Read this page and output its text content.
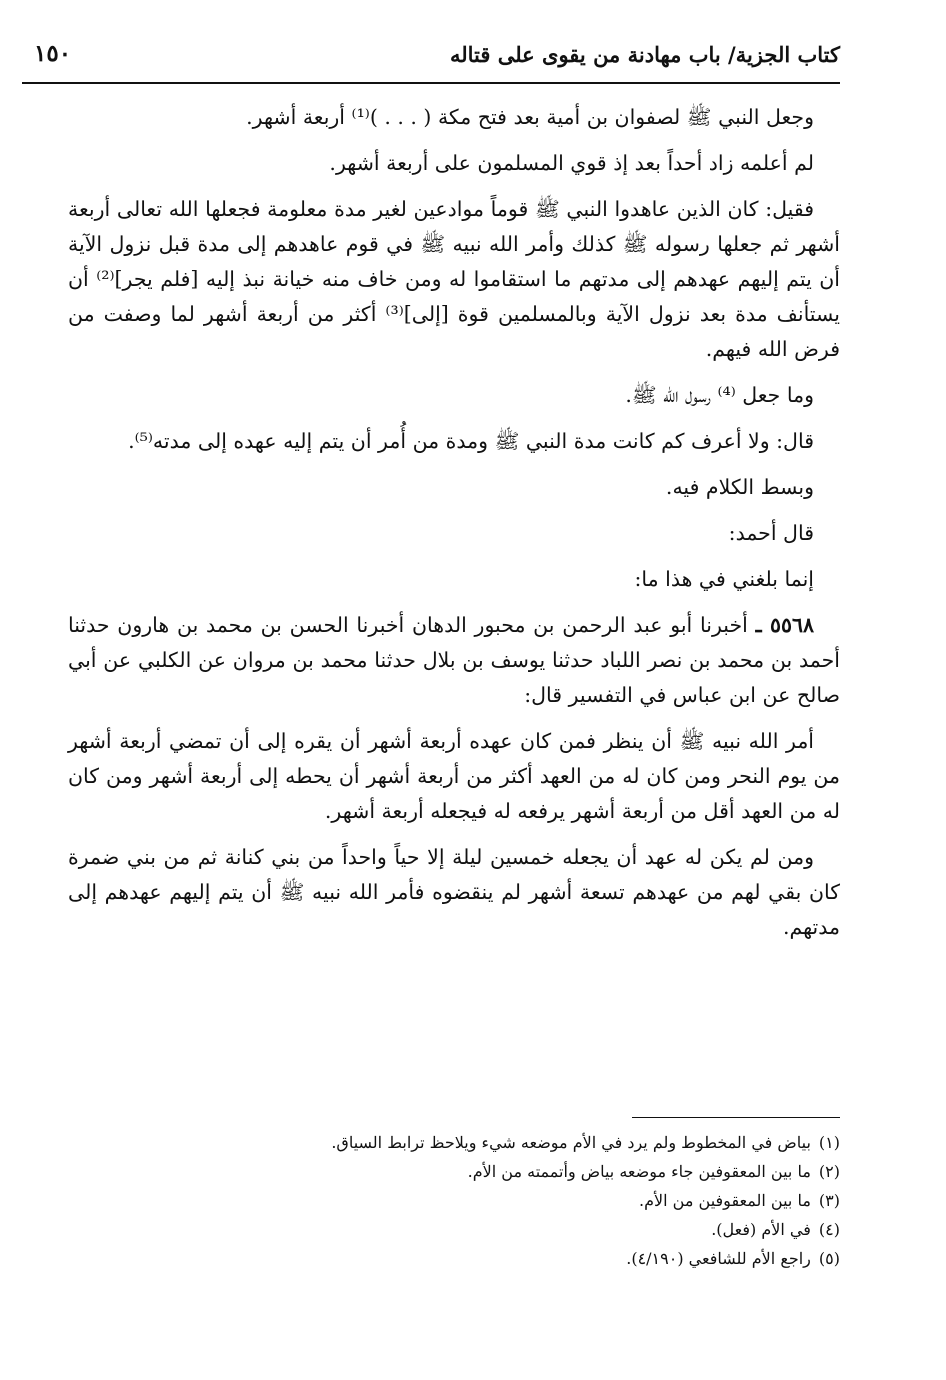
كتاب الجزية/ باب مهادنة من يقوى على قتاله
١٥٠

وجعل النبي ﷺ لصفوان بن أمية بعد فتح مكة ( . . . )⁽¹⁾ أربعة أشهر.

لم أعلمه زاد أحداً بعد إذ قوي المسلمون على أربعة أشهر.

فقيل: كان الذين عاهدوا النبي ﷺ قوماً موادعين لغير مدة معلومة فجعلها الله تعالى أربعة أشهر ثم جعلها رسوله ﷺ كذلك وأمر الله نبيه ﷺ في قوم عاهدهم إلى مدة قبل نزول الآية أن يتم إليهم عهدهم إلى مدتهم ما استقاموا له ومن خاف منه خيانة نبذ إليه [فلم يجر]⁽²⁾ أن يستأنف مدة بعد نزول الآية وبالمسلمين قوة [إلى]⁽³⁾ أكثر من أربعة أشهر لما وصفت من فرض الله فيهم.

وما جعل ⁽⁴⁾ رسول الله ﷺ.

قال: ولا أعرف كم كانت مدة النبي ﷺ ومدة من أُمر أن يتم إليه عهده إلى مدته⁽⁵⁾.

وبسط الكلام فيه.

قال أحمد:

إنما بلغني في هذا ما:

٥٥٦٨ ـ أخبرنا أبو عبد الرحمن بن محبور الدهان أخبرنا الحسن بن محمد بن هارون حدثنا أحمد بن محمد بن نصر اللباد حدثنا يوسف بن بلال حدثنا محمد بن مروان عن الكلبي عن أبي صالح عن ابن عباس في التفسير قال:

أمر الله نبيه ﷺ أن ينظر فمن كان عهده أربعة أشهر أن يقره إلى أن تمضي أربعة أشهر من يوم النحر ومن كان له من العهد أكثر من أربعة أشهر أن يحطه إلى أربعة أشهر ومن كان له من العهد أقل من أربعة أشهر يرفعه له فيجعله أربعة أشهر.

ومن لم يكن له عهد أن يجعله خمسين ليلة إلا حياً واحداً من بني كنانة ثم من بني ضمرة كان بقي لهم من عهدهم تسعة أشهر لم ينقضوه فأمر الله نبيه ﷺ أن يتم إليهم عهدهم إلى مدتهم.

(١)بياض في المخطوط ولم يرد في الأم موضعه شيء ويلاحظ ترابط السياق.

(٢)ما بين المعقوفين جاء موضعه بياض وأتممته من الأم.

(٣)ما بين المعقوفين من الأم.

(٤)في الأم (فعل).

(٥)راجع الأم للشافعي (٤/١٩٠).
